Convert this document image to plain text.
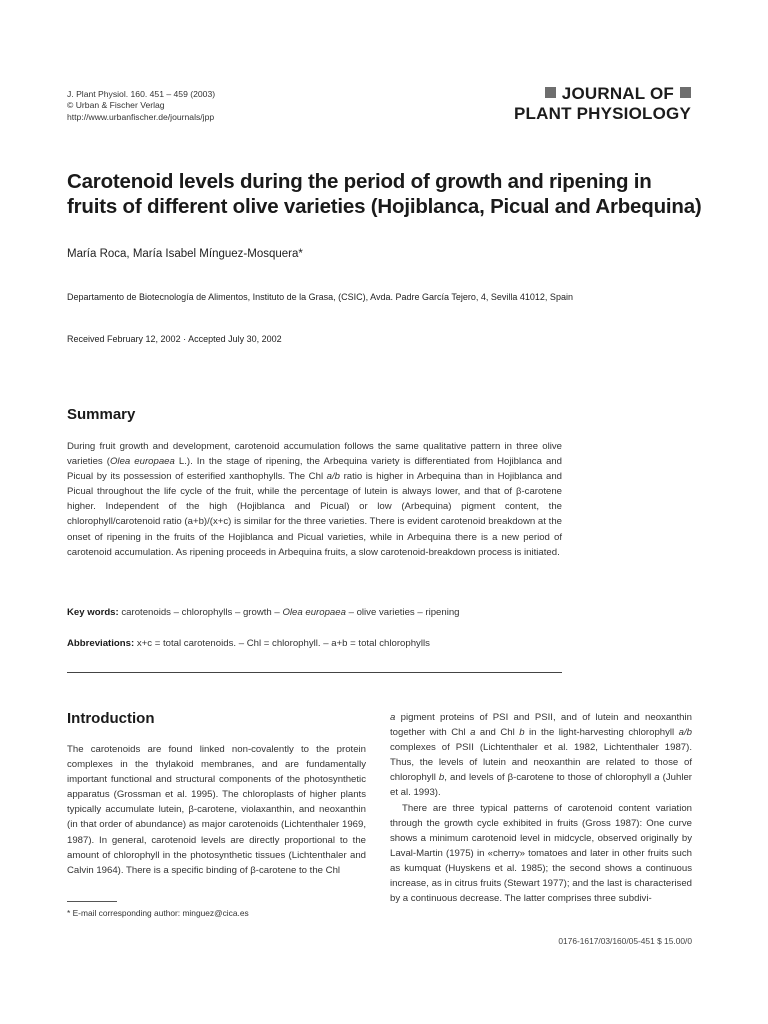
J. Plant Physiol. 160. 451 – 459 (2003)
© Urban & Fischer Verlag
http://www.urbanfischer.de/journals/jpp
JOURNAL OF
PLANT PHYSIOLOGY
Carotenoid levels during the period of growth and ripening in fruits of different olive varieties (Hojiblanca, Picual and Arbequina)
María Roca, María Isabel Mínguez-Mosquera*
Departamento de Biotecnología de Alimentos, Instituto de la Grasa, (CSIC), Avda. Padre García Tejero, 4, Sevilla 41012, Spain
Received February 12, 2002 · Accepted July 30, 2002
Summary
During fruit growth and development, carotenoid accumulation follows the same qualitative pattern in three olive varieties (Olea europaea L.). In the stage of ripening, the Arbequina variety is differentiated from Hojiblanca and Picual by its possession of esterified xanthophylls. The Chl a/b ratio is higher in Arbequina than in Hojiblanca and Picual throughout the life cycle of the fruit, while the percentage of lutein is always lower, and that of β-carotene higher. Independent of the high (Hojiblanca and Picual) or low (Arbequina) pigment content, the chlorophyll/carotenoid ratio (a+b)/(x+c) is similar for the three varieties. There is evident carotenoid breakdown at the onset of ripening in the fruits of the Hojiblanca and Picual varieties, while in Arbequina there is a new period of carotenoid accumulation. As ripening proceeds in Arbequina fruits, a slow carotenoid-breakdown process is initiated.
Key words: carotenoids – chlorophylls – growth – Olea europaea – olive varieties – ripening
Abbreviations: x+c = total carotenoids. – Chl = chlorophyll. – a+b = total chlorophylls
Introduction

The carotenoids are found linked non-covalently to the protein complexes in the thylakoid membranes, and are fundamentally important functional and structural components of the photosynthetic apparatus (Grossman et al. 1995). The chloroplasts of higher plants typically accumulate lutein, β-carotene, violaxanthin, and neoxanthin (in that order of abundance) as major carotenoids (Lichtenthaler 1969, 1987). In general, carotenoid levels are directly proportional to the amount of chlorophyll in the photosynthetic tissues (Lichtenthaler and Calvin 1964). There is a specific binding of β-carotene to the Chl

a pigment proteins of PSI and PSII, and of lutein and neoxanthin together with Chl a and Chl b in the light-harvesting chlorophyll a/b complexes of PSII (Lichtenthaler et al. 1982, Lichtenthaler 1987). Thus, the levels of lutein and neoxanthin are related to those of chlorophyll b, and levels of β-carotene to those of chlorophyll a (Juhler et al. 1993).

There are three typical patterns of carotenoid content variation through the growth cycle exhibited in fruits (Gross 1987): One curve shows a minimum carotenoid level in midcycle, observed originally by Laval-Martin (1975) in «cherry» tomatoes and later in other fruits such as kumquat (Huyskens et al. 1985); the second shows a continuous increase, as in citrus fruits (Stewart 1977); and the last is characterised by a continuous decrease. The latter comprises three subdivi-

* E-mail corresponding author: minguez@cica.es
0176-1617/03/160/05-451 $ 15.00/0
